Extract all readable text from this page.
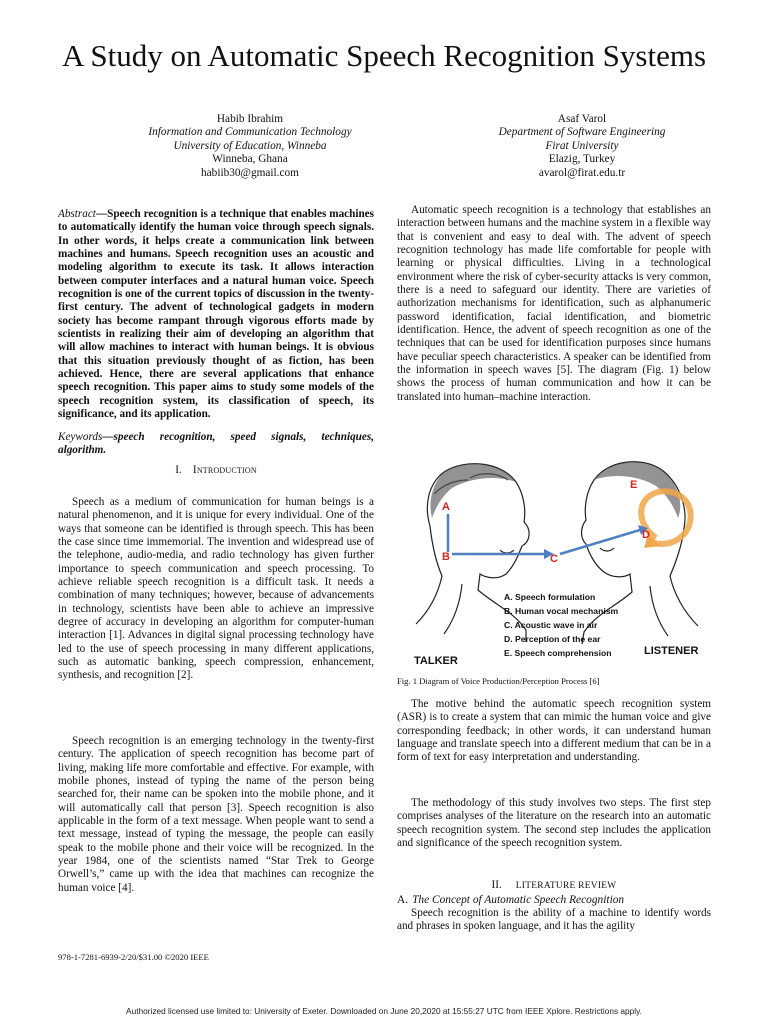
A Study on Automatic Speech Recognition Systems
Habib Ibrahim
Information and Communication Technology
University of Education, Winneba
Winneba, Ghana
habiib30@gmail.com
Asaf Varol
Department of Software Engineering
Firat University
Elazig, Turkey
avarol@firat.edu.tr
Abstract—Speech recognition is a technique that enables machines to automatically identify the human voice through speech signals. In other words, it helps create a communication link between machines and humans. Speech recognition uses an acoustic and modeling algorithm to execute its task. It allows interaction between computer interfaces and a natural human voice. Speech recognition is one of the current topics of discussion in the twenty-first century. The advent of technological gadgets in modern society has become rampant through vigorous efforts made by scientists in realizing their aim of developing an algorithm that will allow machines to interact with human beings. It is obvious that this situation previously thought of as fiction, has been achieved. Hence, there are several applications that enhance speech recognition. This paper aims to study some models of the speech recognition system, its classification of speech, its significance, and its application.
Keywords—speech recognition, speed signals, techniques, algorithm.
I. Introduction
Speech as a medium of communication for human beings is a natural phenomenon, and it is unique for every individual. One of the ways that someone can be identified is through speech. This has been the case since time immemorial. The invention and widespread use of the telephone, audio-media, and radio technology has given further importance to speech communication and speech processing. To achieve reliable speech recognition is a difficult task. It needs a combination of many techniques; however, because of advancements in technology, scientists have been able to achieve an impressive degree of accuracy in developing an algorithm for computer-human interaction [1]. Advances in digital signal processing technology have led to the use of speech processing in many different applications, such as automatic banking, speech compression, enhancement, synthesis, and recognition [2].
Speech recognition is an emerging technology in the twenty-first century. The application of speech recognition has become part of living, making life more comfortable and effective. For example, with mobile phones, instead of typing the name of the person being searched for, their name can be spoken into the mobile phone, and it will automatically call that person [3]. Speech recognition is also applicable in the form of a text message. When people want to send a text message, instead of typing the message, the people can easily speak to the mobile phone and their voice will be recognized. In the year 1984, one of the scientists named “Star Trek to George Orwell’s,” came up with the idea that machines can recognize the human voice [4].
Automatic speech recognition is a technology that establishes an interaction between humans and the machine system in a flexible way that is convenient and easy to deal with. The advent of speech recognition technology has made life comfortable for people with learning or physical difficulties. Living in a technological environment where the risk of cyber-security attacks is very common, there is a need to safeguard our identity. There are varieties of authorization mechanisms for identification, such as alphanumeric password identification, facial identification, and biometric identification. Hence, the advent of speech recognition as one of the techniques that can be used for identification purposes since humans have peculiar speech characteristics. A speaker can be identified from the information in speech waves [5]. The diagram (Fig. 1) below shows the process of human communication and how it can be translated into human–machine interaction.
A
B	C
D
E
A. Speech formulation
B. Human vocal mechanism
C. Acoustic wave in air
D. Perception of the ear
E. Speech comprehension
TALKER
LISTENER
Fig. 1 Diagram of Voice Production/Perception Process [6]
The motive behind the automatic speech recognition system (ASR) is to create a system that can mimic the human voice and give corresponding feedback; in other words, it can understand human language and translate speech into a different medium that can be in a form of text for easy interpretation and understanding.
The methodology of this study involves two steps. The first step comprises analyses of the literature on the research into an automatic speech recognition system. The second step includes the application and significance of the speech recognition system.
II. LITERATURE REVIEW
A. The Concept of Automatic Speech Recognition
Speech recognition is the ability of a machine to identify words and phrases in spoken language, and it has the agility
978-1-7281-6939-2/20/$31.00 ©2020 IEEE
Authorized licensed use limited to: University of Exeter. Downloaded on June 20,2020 at 15:55:27 UTC from IEEE Xplore. Restrictions apply.
